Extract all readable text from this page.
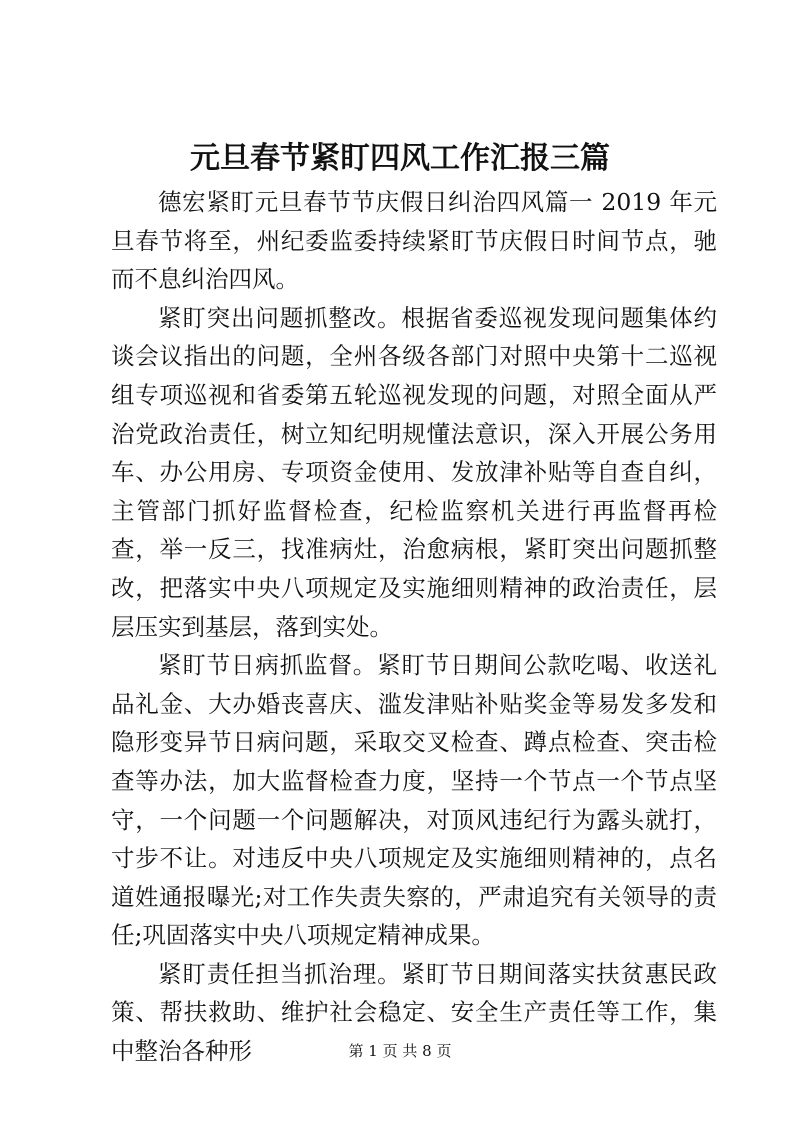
元旦春节紧盯四风工作汇报三篇

德宏紧盯元旦春节节庆假日纠治四风篇一 2019 年元旦春节将至，州纪委监委持续紧盯节庆假日时间节点，驰而不息纠治四风。

紧盯突出问题抓整改。根据省委巡视发现问题集体约谈会议指出的问题，全州各级各部门对照中央第十二巡视组专项巡视和省委第五轮巡视发现的问题，对照全面从严治党政治责任，树立知纪明规懂法意识，深入开展公务用车、办公用房、专项资金使用、发放津补贴等自查自纠，主管部门抓好监督检查，纪检监察机关进行再监督再检查，举一反三，找准病灶，治愈病根，紧盯突出问题抓整改，把落实中央八项规定及实施细则精神的政治责任，层层压实到基层，落到实处。

紧盯节日病抓监督。紧盯节日期间公款吃喝、收送礼品礼金、大办婚丧喜庆、滥发津贴补贴奖金等易发多发和隐形变异节日病问题，采取交叉检查、蹲点检查、突击检查等办法，加大监督检查力度，坚持一个节点一个节点坚守，一个问题一个问题解决，对顶风违纪行为露头就打，寸步不让。对违反中央八项规定及实施细则精神的，点名道姓通报曝光;对工作失责失察的，严肃追究有关领导的责任;巩固落实中央八项规定精神成果。

紧盯责任担当抓治理。紧盯节日期间落实扶贫惠民政策、帮扶救助、维护社会稳定、安全生产责任等工作，集中整治各种形	第 1 页 共 8 页
